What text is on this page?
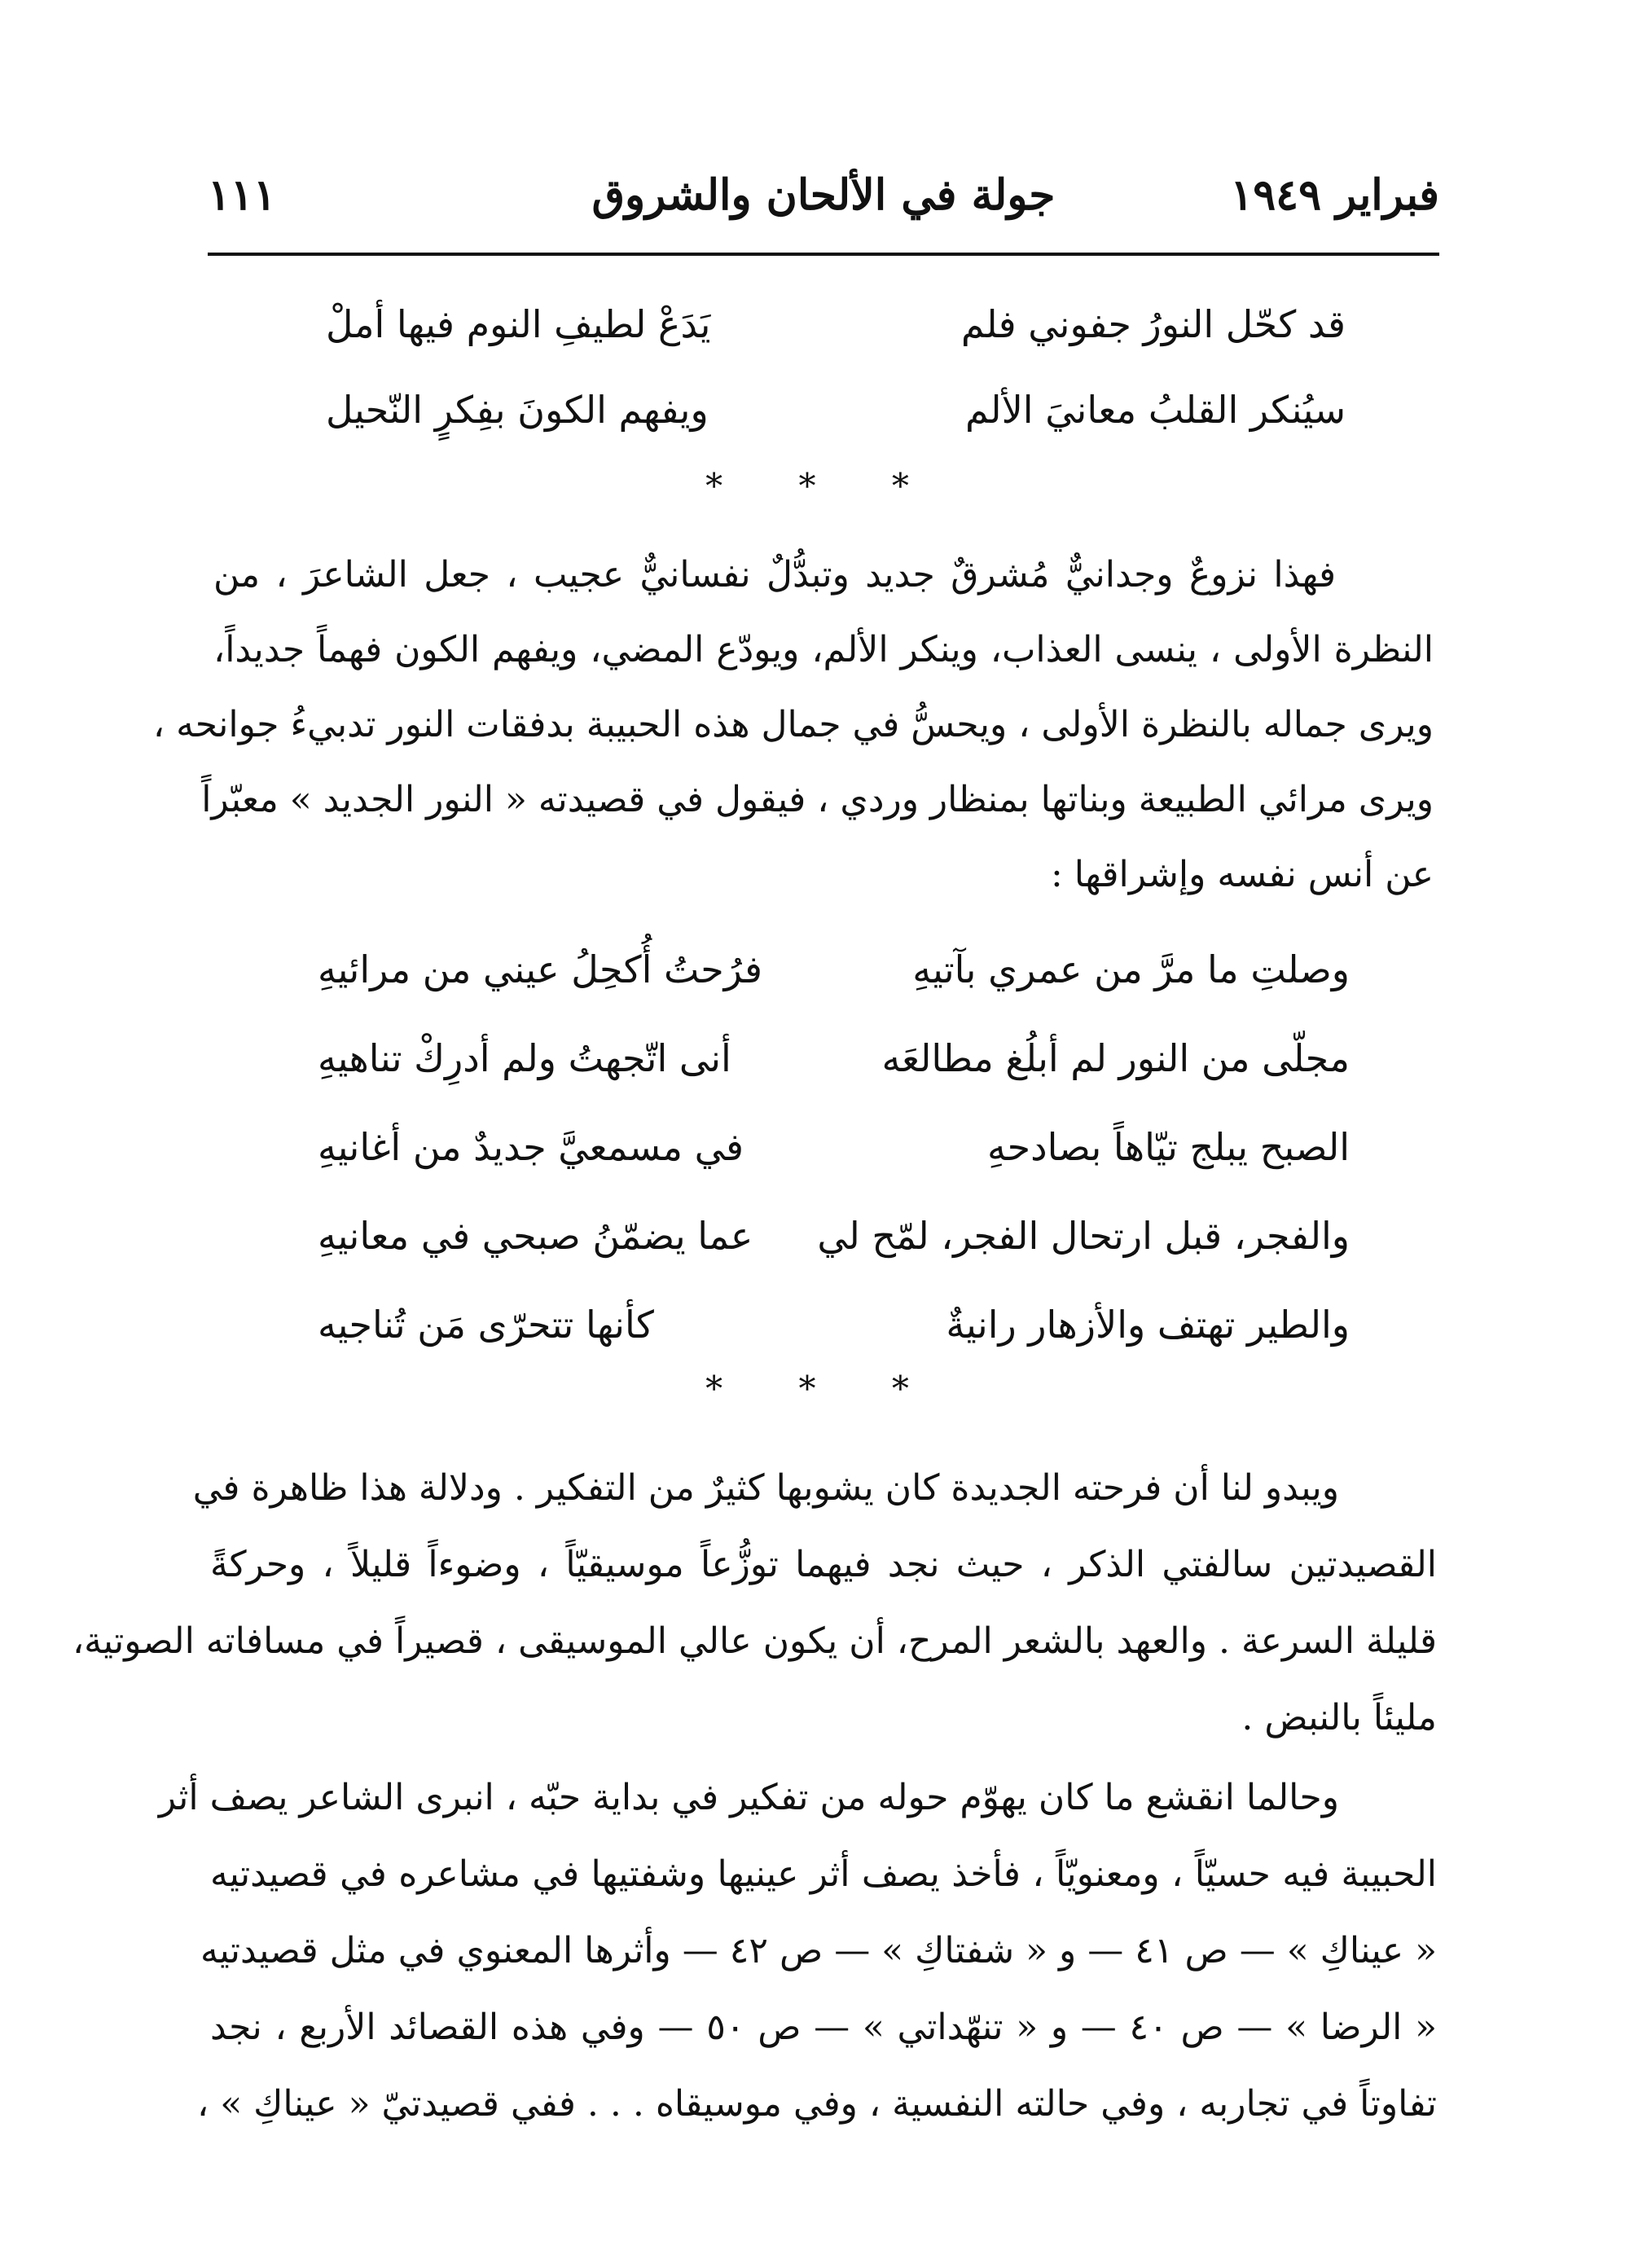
فبراير ١٩٤٩
جولة في الألحان والشروق
١١١
قد كحّل النورُ جفوني فلم
يَدَعْ لطيفِ النوم فيها أملْ
سيُنكر القلبُ معانيَ الألم
ويفهم الكونَ بفِكرٍ النّحيل
* * *
فهذا نزوعٌ وجدانيٌّ مُشرقٌ جديد وتبدُّلٌ نفسانيٌّ عجيب ، جعل الشاعرَ ، من
النظرة الأولى ، ينسى العذاب، وينكر الألم، ويودّع المضي، ويفهم الكون فهماً جديداً،
ويرى جماله بالنظرة الأولى ، ويحسُّ في جمال هذه الحبيبة بدفقات النور تدبيءُ جوانحه ،
ويرى مرائي الطبيعة وبناتها بمنظار وردي ، فيقول في قصيدته « النور الجديد » معبّراً
عن أنس نفسه وإشراقها :
وصلتِ ما مرَّ من عمري بآتيهِ
فرُحتُ أُكحِلُ عيني من مرائيهِ
مجلّى من النور لم أبلُغ مطالعَه
أنى اتّجهتُ ولم أدرِكْ تناهيهِ
الصبح يبلج تيّاهاً بصادحهِ
في مسمعيَّ جديدٌ من أغانيهِ
والفجر، قبل ارتحال الفجر، لمّح لي
عما يضمّنُ صبحي في معانيهِ
والطير تهتف والأزهار رانيةٌ
كأنها تتحرّى مَن تُناجيه
* * *
ويبدو لنا أن فرحته الجديدة كان يشوبها كثيرٌ من التفكير . ودلالة هذا ظاهرة في
القصيدتين سالفتي الذكر ، حيث نجد فيهما توزُّعاً موسيقيّاً ، وضوءاً قليلاً ، وحركةً
قليلة السرعة . والعهد بالشعر المرح، أن يكون عالي الموسيقى ، قصيراً في مسافاته الصوتية،
مليئاً بالنبض .
وحالما انقشع ما كان يهوّم حوله من تفكير في بداية حبّه ، انبرى الشاعر يصف أثر
الحبيبة فيه حسيّاً ، ومعنويّاً ، فأخذ يصف أثر عينيها وشفتيها في مشاعره في قصيدتيه
« عيناكِ » — ص ٤١ — و « شفتاكِ » — ص ٤٢ — وأثرها المعنوي في مثل قصيدتيه
« الرضا » — ص ٤٠ — و « تنهّداتي » — ص ٥٠ — وفي هذه القصائد الأربع ، نجد
تفاوتاً في تجاربه ، وفي حالته النفسية ، وفي موسيقاه . . . ففي قصيدتيّ « عيناكِ » ،
